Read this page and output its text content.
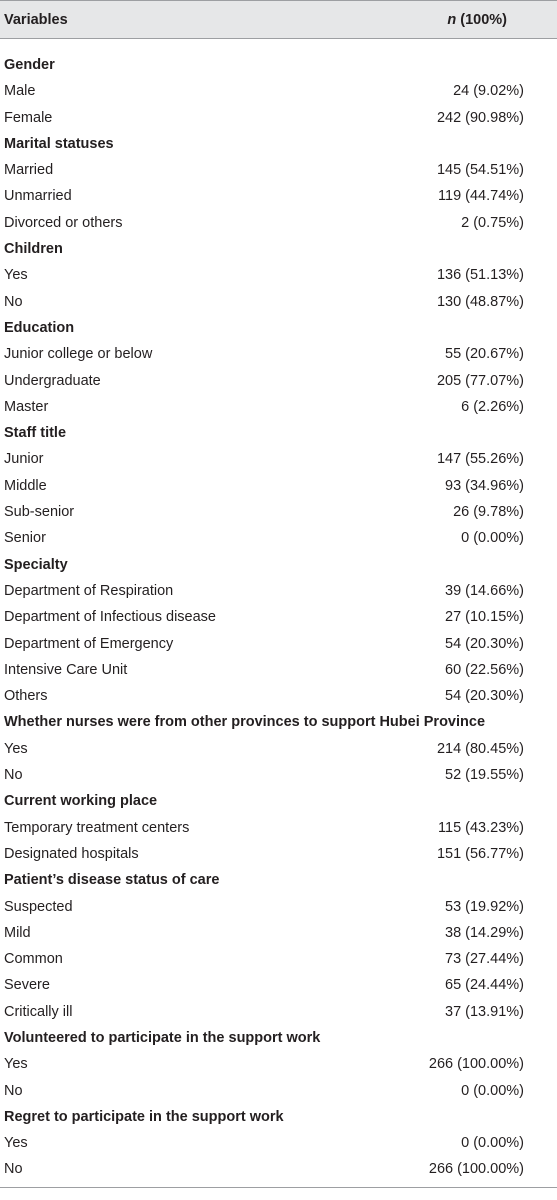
Variables	n (100%)
Gender
Male	24 (9.02%)
Female	242 (90.98%)
Marital statuses
Married	145 (54.51%)
Unmarried	119 (44.74%)
Divorced or others	2 (0.75%)
Children
Yes	136 (51.13%)
No	130 (48.87%)
Education
Junior college or below	55 (20.67%)
Undergraduate	205 (77.07%)
Master	6 (2.26%)
Staff title
Junior	147 (55.26%)
Middle	93 (34.96%)
Sub-senior	26 (9.78%)
Senior	0 (0.00%)
Specialty
Department of Respiration	39 (14.66%)
Department of Infectious disease	27 (10.15%)
Department of Emergency	54 (20.30%)
Intensive Care Unit	60 (22.56%)
Others	54 (20.30%)
Whether nurses were from other provinces to support Hubei Province
Yes	214 (80.45%)
No	52 (19.55%)
Current working place
Temporary treatment centers	115 (43.23%)
Designated hospitals	151 (56.77%)
Patient’s disease status of care
Suspected	53 (19.92%)
Mild	38 (14.29%)
Common	73 (27.44%)
Severe	65 (24.44%)
Critically ill	37 (13.91%)
Volunteered to participate in the support work
Yes	266 (100.00%)
No	0 (0.00%)
Regret to participate in the support work
Yes	0 (0.00%)
No	266 (100.00%)
